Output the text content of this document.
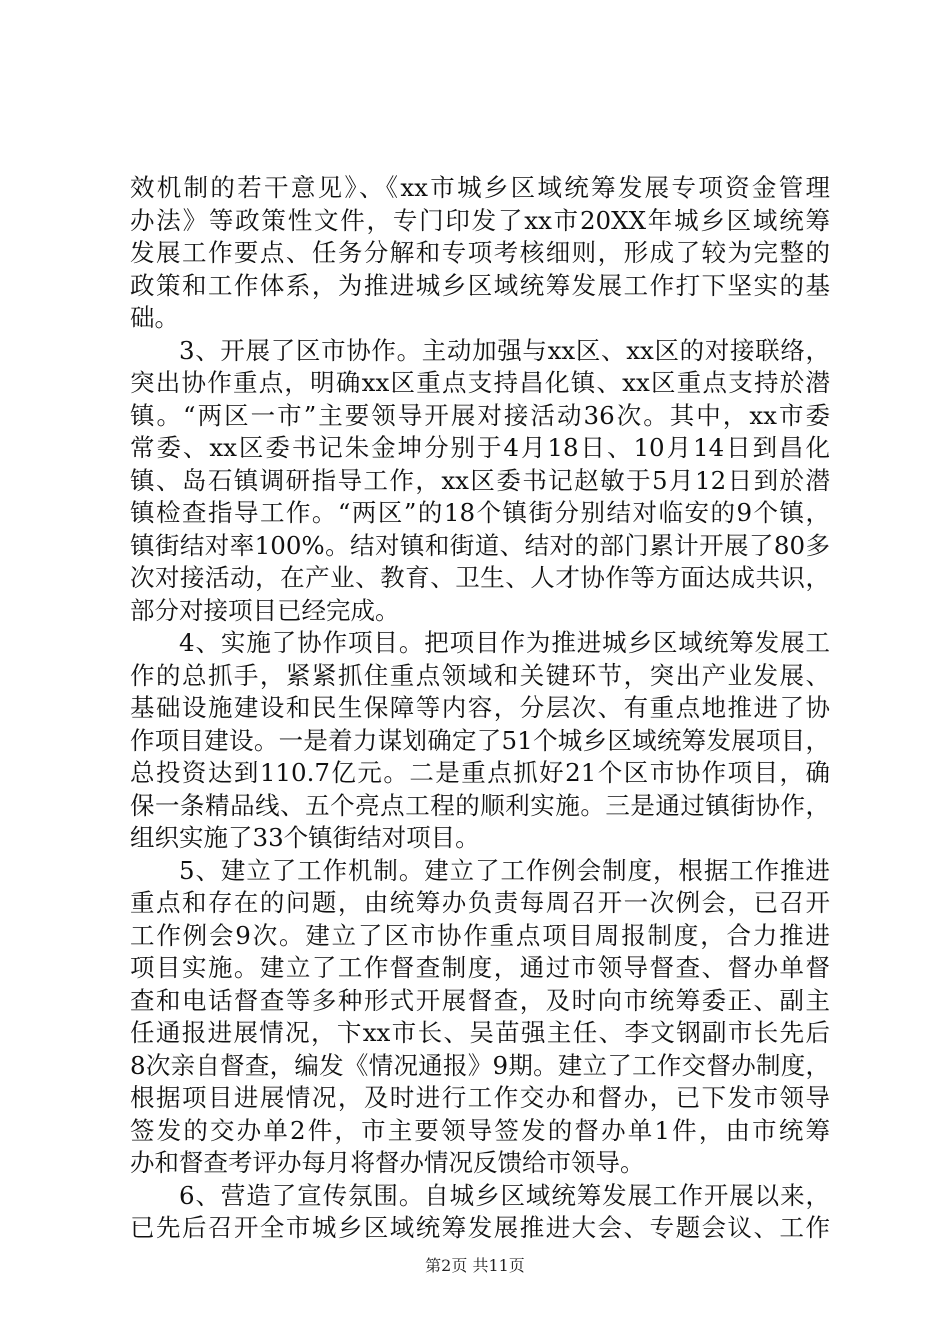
效机制的若干意见》、《xx市城乡区域统筹发展专项资金管理
办法》等政策性文件，专门印发了xx市20XX年城乡区域统筹
发展工作要点、任务分解和专项考核细则，形成了较为完整的
政策和工作体系，为推进城乡区域统筹发展工作打下坚实的基
础。
3、开展了区市协作。主动加强与xx区、xx区的对接联络，
突出协作重点，明确xx区重点支持昌化镇、xx区重点支持於潜
镇。“两区一市”主要领导开展对接活动36次。其中，xx市委
常委、xx区委书记朱金坤分别于4月18日、10月14日到昌化
镇、岛石镇调研指导工作，xx区委书记赵敏于5月12日到於潜
镇检查指导工作。“两区”的18个镇街分别结对临安的9个镇，
镇街结对率100%。结对镇和街道、结对的部门累计开展了80多
次对接活动，在产业、教育、卫生、人才协作等方面达成共识，
部分对接项目已经完成。
4、实施了协作项目。把项目作为推进城乡区域统筹发展工
作的总抓手，紧紧抓住重点领域和关键环节，突出产业发展、
基础设施建设和民生保障等内容，分层次、有重点地推进了协
作项目建设。一是着力谋划确定了51个城乡区域统筹发展项目，
总投资达到110.7亿元。二是重点抓好21个区市协作项目，确
保一条精品线、五个亮点工程的顺利实施。三是通过镇街协作，
组织实施了33个镇街结对项目。
5、建立了工作机制。建立了工作例会制度，根据工作推进
重点和存在的问题，由统筹办负责每周召开一次例会，已召开
工作例会9次。建立了区市协作重点项目周报制度，合力推进
项目实施。建立了工作督查制度，通过市领导督查、督办单督
查和电话督查等多种形式开展督查，及时向市统筹委正、副主
任通报进展情况，卞xx市长、吴苗强主任、李文钢副市长先后
8次亲自督查，编发《情况通报》9期。建立了工作交督办制度，
根据项目进展情况，及时进行工作交办和督办，已下发市领导
签发的交办单2件，市主要领导签发的督办单1件，由市统筹
办和督查考评办每月将督办情况反馈给市领导。
6、营造了宣传氛围。自城乡区域统筹发展工作开展以来，
已先后召开全市城乡区域统筹发展推进大会、专题会议、工作
第2页 共11页
